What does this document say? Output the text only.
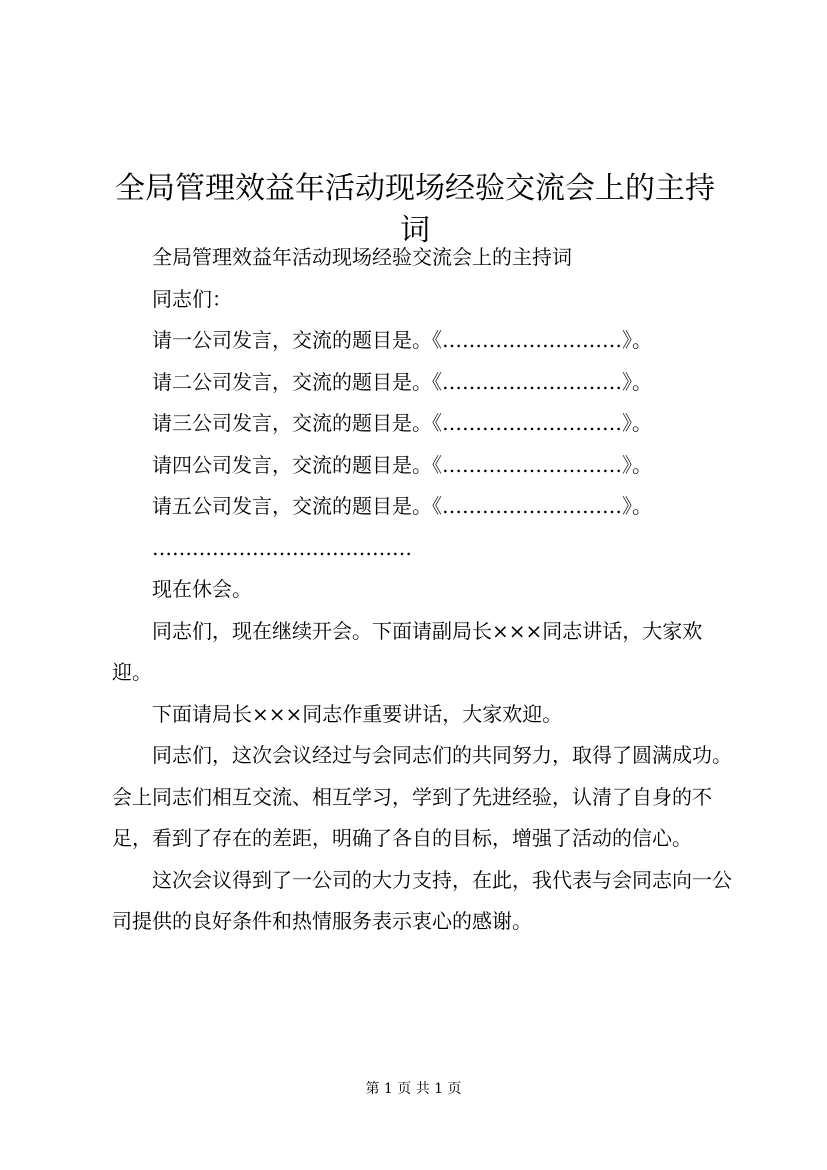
全局管理效益年活动现场经验交流会上的主持词

全局管理效益年活动现场经验交流会上的主持词

同志们：

请一公司发言，交流的题目是。《………………………》。

请二公司发言，交流的题目是。《………………………》。

请三公司发言，交流的题目是。《………………………》。

请四公司发言，交流的题目是。《………………………》。

请五公司发言，交流的题目是。《………………………》。

…………………………………

现在休会。

同志们，现在继续开会。下面请副局长×××同志讲话，大家欢迎。

下面请局长×××同志作重要讲话，大家欢迎。

同志们，这次会议经过与会同志们的共同努力，取得了圆满成功。会上同志们相互交流、相互学习，学到了先进经验，认清了自身的不足，看到了存在的差距，明确了各自的目标，增强了活动的信心。

这次会议得到了一公司的大力支持，在此，我代表与会同志向一公司提供的良好条件和热情服务表示衷心的感谢。

第 1 页 共 1 页
